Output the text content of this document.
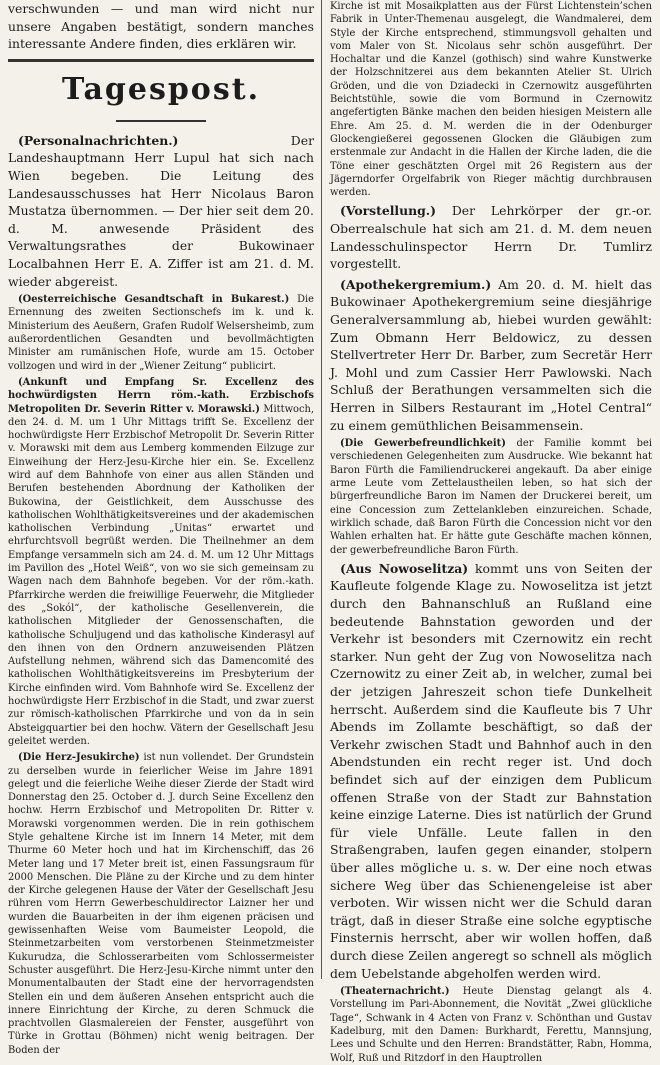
verschwunden — und man wird nicht nur unsere Angaben bestätigt, sondern manches interessante Andere finden, dies erklären wir.

Tagespost.

(Personalnachrichten.)	Der Landeshauptmann Herr Lupul hat sich nach Wien begeben. Die Leitung des Landesausschusses hat Herr Nicolaus Baron Mustatza übernommen. — Der hier seit dem 20. d. M. anwesende Präsident des Verwaltungsrathes der Bukowinaer Localbahnen Herr E. A. Ziffer ist am 21. d. M. wieder abgereist.

(Oesterreichische Gesandtschaft in Bukarest.) Die Ernennung des zweiten Sectionschefs im k. und k. Ministerium des Aeußern, Grafen Rudolf Welsersheimb, zum außerordentlichen Gesandten und bevollmächtigten Minister am rumänischen Hofe, wurde am 15. October vollzogen und wird in der „Wiener Zeitung“ publicirt.

(Ankunft und Empfang Sr. Excellenz des hochwürdigsten Herrn röm.-kath. Erzbischofs Metropoliten Dr. Severin Ritter v. Morawski.) Mittwoch, den 24. d. M. um 1 Uhr Mittags trifft Se. Excellenz der hochwürdigste Herr Erzbischof Metropolit Dr. Severin Ritter v. Morawski mit dem aus Lemberg kommenden Eilzuge zur Einweihung der Herz-Jesu-Kirche hier ein. Se. Excellenz wird auf dem Bahnhofe von einer aus allen Ständen und Berufen bestehenden Abordnung der Katholiken der Bukowina, der Geistlichkeit, dem Ausschusse des katholischen Wohlthätigkeitsvereines und der akademischen katholischen Verbindung „Unitas“ erwartet und ehrfurchtsvoll begrüßt werden. Die Theilnehmer an dem Empfange versammeln sich am 24. d. M. um 12 Uhr Mittags im Pavillon des „Hotel Weiß“, von wo sie sich gemeinsam zu Wagen nach dem Bahnhofe begeben. Vor der röm.-kath. Pfarrkirche werden die freiwillige Feuerwehr, die Mitglieder des „Sokól“, der katholische Gesellenverein, die katholischen Mitglieder der Genossenschaften, die katholische Schuljugend und das katholische Kinderasyl auf den ihnen von den Ordnern anzuweisenden Plätzen Aufstellung nehmen, während sich das Damencomité des katholischen Wohlthätigkeitsvereins im Presbyterium der Kirche einfinden wird. Vom Bahnhofe wird Se. Excellenz der hochwürdigste Herr Erzbischof in die Stadt, und zwar zuerst zur römisch-katholischen Pfarrkirche und von da in sein Absteigquartier bei den hochw. Vätern der Gesellschaft Jesu geleitet werden.

(Die Herz-Jesukirche) ist nun vollendet. Der Grundstein zu derselben wurde in feierlicher Weise im Jahre 1891 gelegt und die feierliche Weihe dieser Zierde der Stadt wird Donnerstag den 25. October d. J. durch Seine Excellenz den hochw. Herrn Erzbischof und Metropoliten Dr. Ritter v. Morawski vorgenommen werden. Die in rein gothischem Style gehaltene Kirche ist im Innern 14 Meter, mit dem Thurme 60 Meter hoch und hat im Kirchenschiff, das 26 Meter lang und 17 Meter breit ist, einen Fassungsraum für 2000 Menschen. Die Pläne zu der Kirche und zu dem hinter der Kirche gelegenen Hause der Väter der Gesellschaft Jesu rühren vom Herrn Gewerbeschuldirector Laizner her und wurden die Bauarbeiten in der ihm eigenen präcisen und gewissenhaften Weise vom Baumeister Leopold, die Steinmetzarbeiten vom verstorbenen Steinmetzmeister Kukurudza, die Schlosserarbeiten vom Schlossermeister Schuster ausgeführt. Die Herz-Jesu-Kirche nimmt unter den Monumentalbauten der Stadt eine der hervorragendsten Stellen ein und dem äußeren Ansehen entspricht auch die innere Einrichtung der Kirche, zu deren Schmuck die prachtvollen Glasmalereien der Fenster, ausgeführt von Türke in Grottau (Böhmen) nicht wenig beitragen. Der Boden der

Kirche ist mit Mosaikplatten aus der Fürst Lichtenstein’schen Fabrik in Unter-Themenau ausgelegt, die Wandmalerei, dem Style der Kirche entsprechend, stimmungsvoll gehalten und vom Maler von St. Nicolaus sehr schön ausgeführt. Der Hochaltar und die Kanzel (gothisch) sind wahre Kunstwerke der Holzschnitzerei aus dem bekannten Atelier St. Ulrich Gröden, und die von Dziadecki in Czernowitz ausgeführten Beichtstühle, sowie die vom Bormund in Czernowitz angefertigten Bänke machen den beiden hiesigen Meistern alle Ehre. Am 25. d. M. werden die in der Odenburger Glockengießerei gegossenen Glocken die Gläubigen zum erstenmale zur Andacht in die Hallen der Kirche laden, die die Töne einer geschätzten Orgel mit 26 Registern aus der Jägerndorfer Orgelfabrik von Rieger mächtig durchbrausen werden.

(Vorstellung.) Der Lehrkörper der gr.-or. Oberrealschule hat sich am 21. d. M. dem neuen Landesschulinspector Herrn Dr. Tumlirz vorgestellt.

(Apothekergremium.) Am 20. d. M. hielt das Bukowinaer Apothekergremium seine diesjährige Generalversammlung ab, hiebei wurden gewählt: Zum Obmann Herr Beldowicz, zu dessen Stellvertreter Herr Dr. Barber, zum Secretär Herr J. Mohl und zum Cassier Herr Pawlowski. Nach Schluß der Berathungen versammelten sich die Herren in Silbers Restaurant im „Hotel Central“ zu einem gemüthlichen Beisammensein.

(Die Gewerbefreundlichkeit) der Familie kommt bei verschiedenen Gelegenheiten zum Ausdrucke. Wie bekannt hat Baron Fürth die Familiendruckerei angekauft. Da aber einige arme Leute vom Zettelaustheilen leben, so hat sich der bürgerfreundliche Baron im Namen der Druckerei bereit, um eine Concession zum Zettelankleben einzureichen. Schade, wirklich schade, daß Baron Fürth die Concession nicht vor den Wahlen erhalten hat. Er hätte gute Geschäfte machen können, der gewerbefreundliche Baron Fürth.

(Aus Nowoselitza) kommt uns von Seiten der Kaufleute folgende Klage zu. Nowoselitza ist jetzt durch den Bahnanschluß an Rußland eine bedeutende Bahnstation geworden und der Verkehr ist besonders mit Czernowitz ein recht starker. Nun geht der Zug von Nowoselitza nach Czernowitz zu einer Zeit ab, in welcher, zumal bei der jetzigen Jahreszeit schon tiefe Dunkelheit herrscht. Außerdem sind die Kaufleute bis 7 Uhr Abends im Zollamte beschäftigt, so daß der Verkehr zwischen Stadt und Bahnhof auch in den Abendstunden ein recht reger ist. Und doch befindet sich auf der einzigen dem Publicum offenen Straße von der Stadt zur Bahnstation keine einzige Laterne. Dies ist natürlich der Grund für viele Unfälle. Leute fallen in den Straßengraben, laufen gegen einander, stolpern über alles mögliche u. s. w. Der eine noch etwas sichere Weg über das Schienengeleise ist aber verboten. Wir wissen nicht wer die Schuld daran trägt, daß in dieser Straße eine solche egyptische Finsternis herrscht, aber wir wollen hoffen, daß durch diese Zeilen angeregt so schnell als möglich dem Uebelstande abgeholfen werden wird.

(Theaternachricht.) Heute Dienstag gelangt als 4. Vorstellung im Pari-Abonnement, die Novität „Zwei glückliche Tage“, Schwank in 4 Acten von Franz v. Schönthan und Gustav Kadelburg, mit den Damen: Burkhardt, Ferettu, Mannsjung, Lees und Schulte und den Herren: Brandstätter, Rabn, Homma, Wolf, Ruß und Ritzdorf in den Hauptrollen
